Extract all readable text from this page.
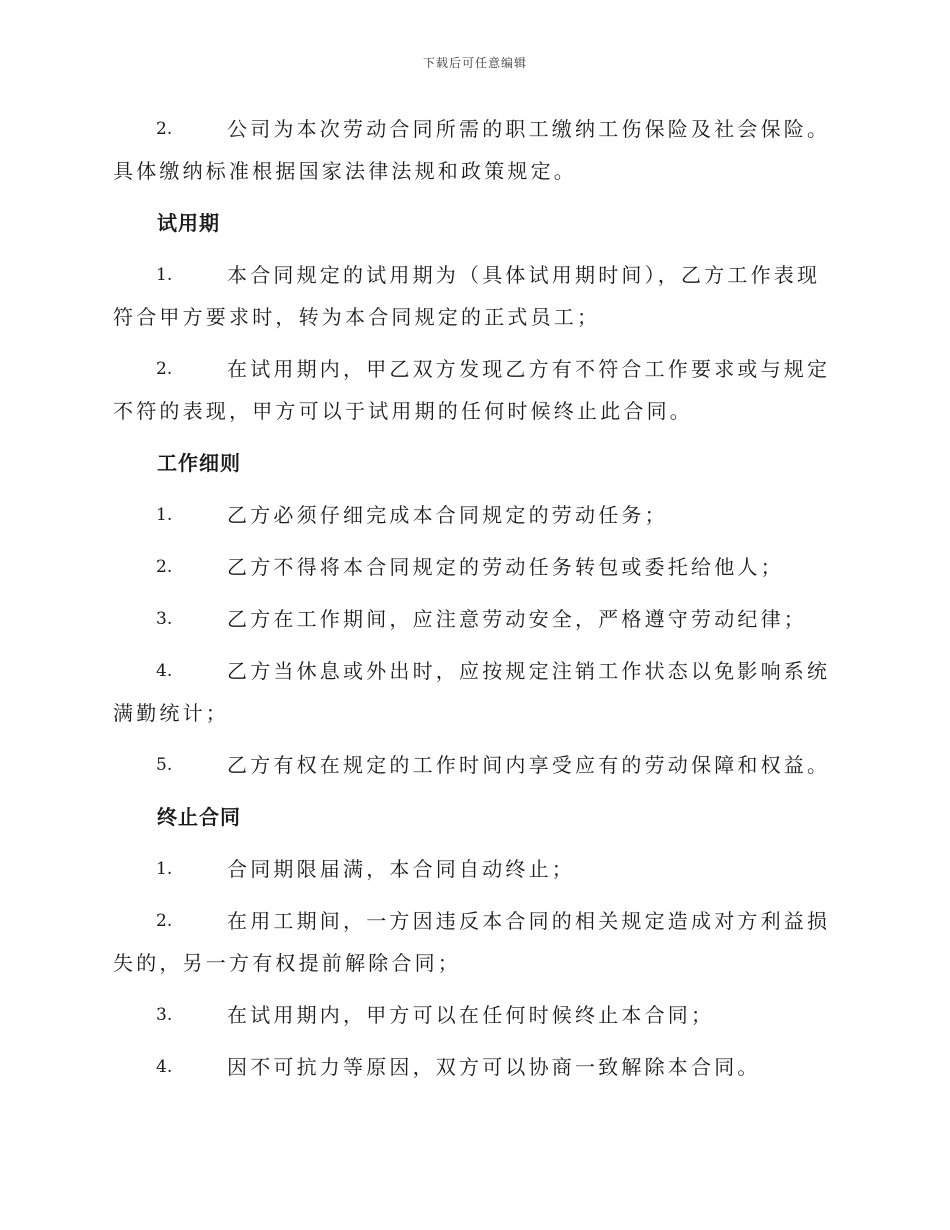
下载后可任意编辑
2.	公司为本次劳动合同所需的职工缴纳工伤保险及社会保险。具体缴纳标准根据国家法律法规和政策规定。
试用期
1.	本合同规定的试用期为（具体试用期时间），乙方工作表现符合甲方要求时，转为本合同规定的正式员工；
2.	在试用期内，甲乙双方发现乙方有不符合工作要求或与规定不符的表现，甲方可以于试用期的任何时候终止此合同。
工作细则
1.	乙方必须仔细完成本合同规定的劳动任务；
2.	乙方不得将本合同规定的劳动任务转包或委托给他人；
3.	乙方在工作期间，应注意劳动安全，严格遵守劳动纪律；
4.	乙方当休息或外出时，应按规定注销工作状态以免影响系统满勤统计；
5.	乙方有权在规定的工作时间内享受应有的劳动保障和权益。
终止合同
1.	合同期限届满，本合同自动终止；
2.	在用工期间，一方因违反本合同的相关规定造成对方利益损失的，另一方有权提前解除合同；
3.	在试用期内，甲方可以在任何时候终止本合同；
4.	因不可抗力等原因，双方可以协商一致解除本合同。
